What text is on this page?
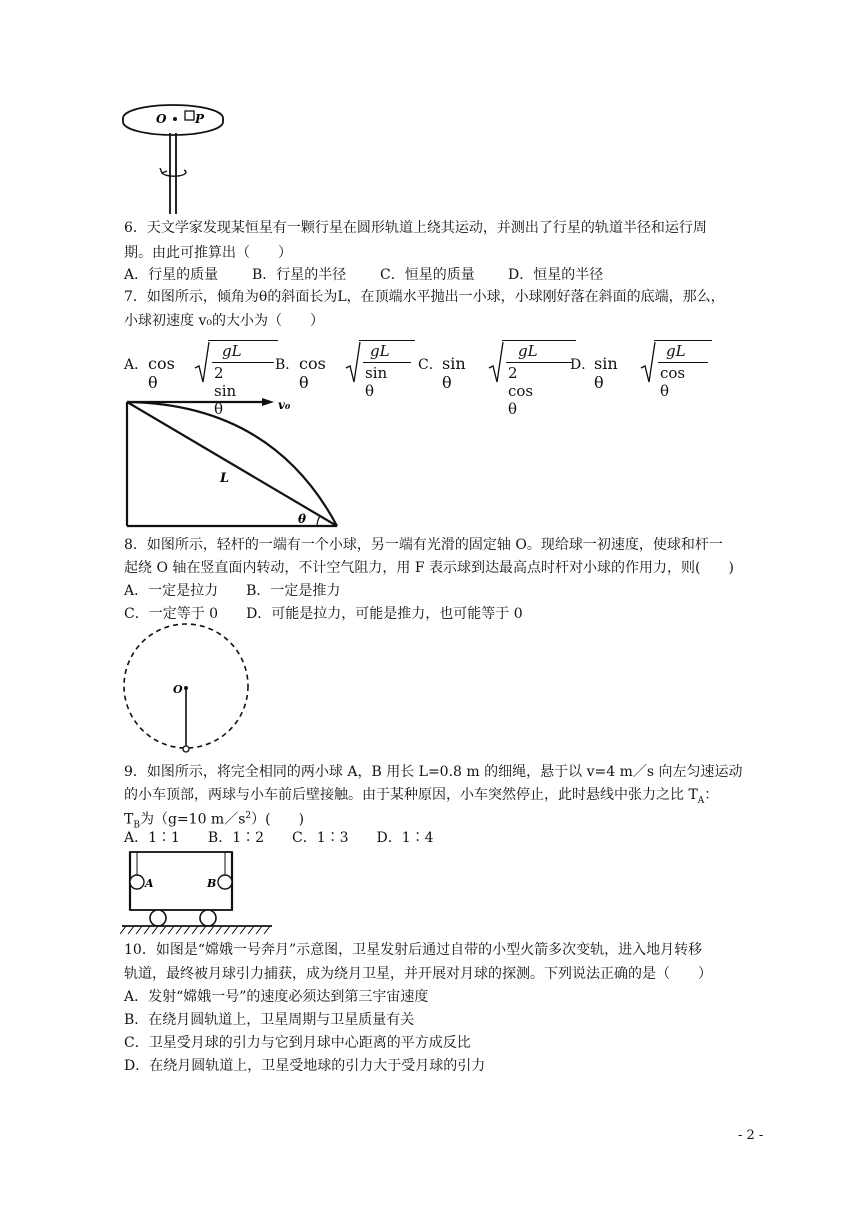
O P
6．天文学家发现某恒星有一颗行星在圆形轨道上绕其运动，并测出了行星的轨道半径和运行周
期。由此可推算出（　　）
A．行星的质量 B．行星的半径 C．恒星的质量 D．恒星的半径
7．如图所示，倾角为θ的斜面长为L，在顶端水平抛出一小球，小球刚好落在斜面的底端，那么，
小球初速度 v₀的大小为（　　）
A． cos θ
gL
2 sin θ
B． cos θ
gL
sin θ
C． sin θ
gL
2 cos θ
D．
sin θ
gL
cos θ
v₀
L
θ
8．如图所示，轻杆的一端有一个小球，另一端有光滑的固定轴 O。现给球一初速度，使球和杆一
起绕 O 轴在竖直面内转动，不计空气阻力，用 F 表示球到达最高点时杆对小球的作用力，则(　　)
A．一定是拉力　　B．一定是推力
C．一定等于 0　　D．可能是拉力，可能是推力，也可能等于 0
O
9．如图所示，将完全相同的两小球 A，B 用长 L=0.8 m 的细绳，悬于以 v=4 m／s 向左匀速运动
的小车顶部，两球与小车前后壁接触。由于某种原因，小车突然停止，此时悬线中张力之比 $T_A$：
$T_B$为（g=10 $m/s^2$）(　　)
A．1∶1　　B．1∶2　　C．1∶3　　D．1∶4
A	B
10．如图是“嫦娥一号奔月”示意图，卫星发射后通过自带的小型火箭多次变轨，进入地月转移
轨道，最终被月球引力捕获，成为绕月卫星，并开展对月球的探测。下列说法正确的是（　　）
A．发射“嫦娥一号”的速度必须达到第三宇宙速度
B．在绕月圆轨道上，卫星周期与卫星质量有关
C．卫星受月球的引力与它到月球中心距离的平方成反比
D．在绕月圆轨道上，卫星受地球的引力大于受月球的引力
- 2 -
